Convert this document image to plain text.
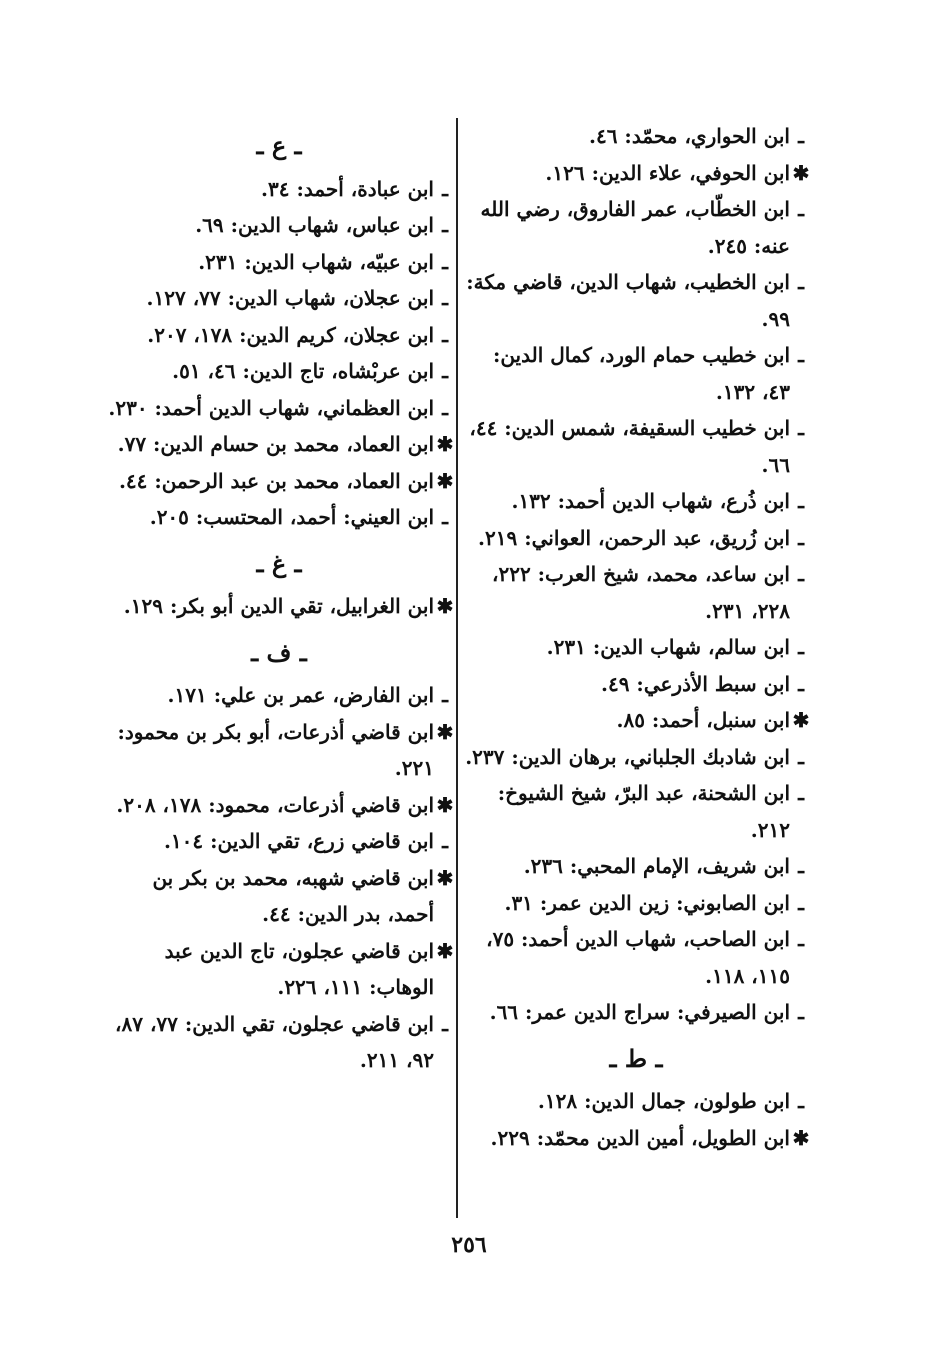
ـ
ابن الحواري، محمّد: ٤٦.
✱
ابن الحوفي، علاء الدين: ١٢٦.
ـ
ابن الخطّاب، عمر الفاروق، رضي الله عنه: ٢٤٥.
ـ
ابن الخطيب، شهاب الدين، قاضي مكة: ٩٩.
ـ
ابن خطيب حمام الورد، كمال الدين: ٤٣، ١٣٢.
ـ
ابن خطيب السقيفة، شمس الدين: ٤٤، ٦٦.
ـ
ابن ذُرع، شهاب الدين أحمد: ١٣٢.
ـ
ابن زُريق، عبد الرحمن، العواني: ٢١٩.
ـ
ابن ساعد، محمد، شيخ العرب: ٢٢٢، ٢٢٨، ٢٣١.
ـ
ابن سالم، شهاب الدين: ٢٣١.
ـ
ابن سبط الأذرعي: ٤٩.
✱
ابن سنبل، أحمد: ٨٥.
ـ
ابن شادبك الجلباني، برهان الدين: ٢٣٧.
ـ
ابن الشحنة، عبد البرّ، شيخ الشيوخ: ٢١٢.
ـ
ابن شريف، الإمام المحبي: ٢٣٦.
ـ
ابن الصابوني: زين الدين عمر: ٣١.
ـ
ابن الصاحب، شهاب الدين أحمد: ٧٥، ١١٥، ١١٨.
ـ
ابن الصيرفي: سراج الدين عمر: ٦٦.
ـ ط ـ
ـ
ابن طولون، جمال الدين: ١٢٨.
✱
ابن الطويل، أمين الدين محمّد: ٢٢٩.
ـ ع ـ
ـ
ابن عبادة، أحمد: ٣٤.
ـ
ابن عباس، شهاب الدين: ٦٩.
ـ
ابن عبيّه، شهاب الدين: ٢٣١.
ـ
ابن عجلان، شهاب الدين: ٧٧، ١٢٧.
ـ
ابن عجلان، كريم الدين: ١٧٨، ٢٠٧.
ـ
ابن عربْشاه، تاج الدين: ٤٦، ٥١.
ـ
ابن العظماني، شهاب الدين أحمد: ٢٣٠.
✱
ابن العماد، محمد بن حسام الدين: ٧٧.
✱
ابن العماد، محمد بن عبد الرحمن: ٤٤.
ـ
ابن العيني: أحمد، المحتسب: ٢٠٥.
ـ غ ـ
✱
ابن الغرابيل، تقي الدين أبو بكر: ١٢٩.
ـ ف ـ
ـ
ابن الفارض، عمر بن علي: ١٧١.
✱
ابن قاضي أذرعات، أبو بكر بن محمود: ٢٢١.
✱
ابن قاضي أذرعات، محمود: ١٧٨، ٢٠٨.
ـ
ابن قاضي زرع، تقي الدين: ١٠٤.
✱
ابن قاضي شهبه، محمد بن بكر بن أحمد، بدر الدين: ٤٤.
✱
ابن قاضي عجلون، تاج الدين عبد الوهاب: ١١١، ٢٢٦.
ـ
ابن قاضي عجلون، تقي الدين: ٧٧، ٨٧، ٩٢، ٢١١.
٢٥٦
